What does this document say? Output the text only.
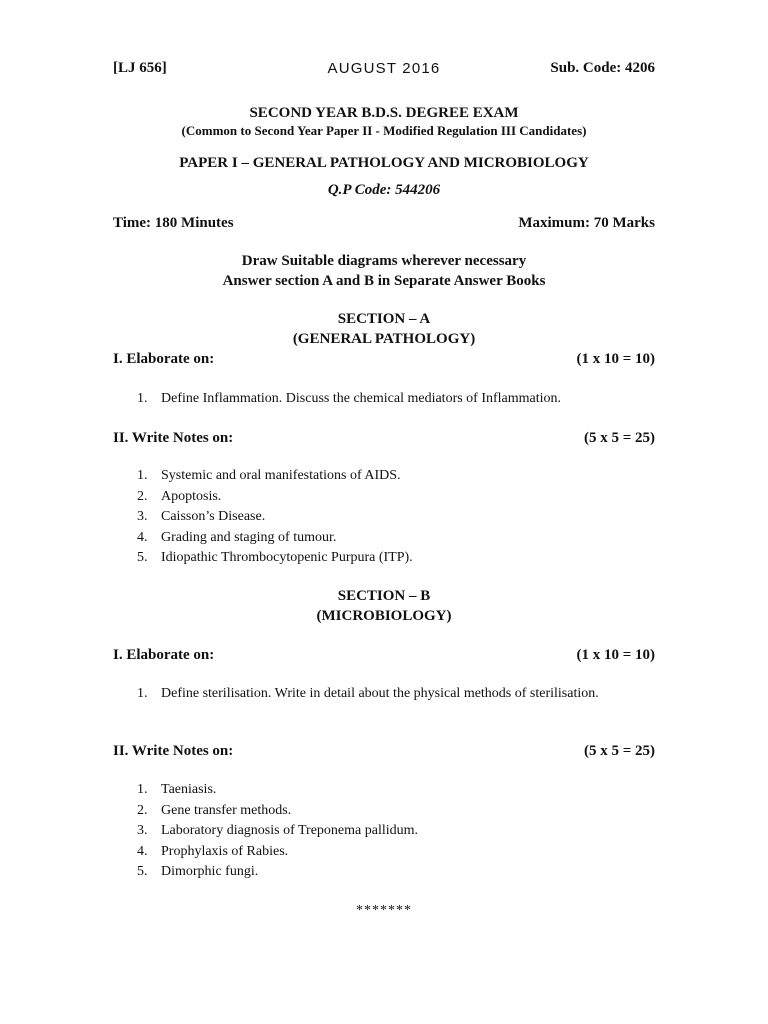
[LJ 656]	AUGUST 2016	Sub. Code: 4206
SECOND YEAR B.D.S. DEGREE EXAM
(Common to Second Year Paper II - Modified Regulation III Candidates)
PAPER I – GENERAL PATHOLOGY AND MICROBIOLOGY
Q.P Code: 544206
Time: 180 Minutes	Maximum: 70 Marks
Draw Suitable diagrams wherever necessary
Answer section A and B in Separate Answer Books
SECTION – A
(GENERAL PATHOLOGY)
I. Elaborate on:	(1 x 10 = 10)
1. Define Inflammation. Discuss the chemical mediators of Inflammation.
II. Write Notes on:	(5 x 5 = 25)
1. Systemic and oral manifestations of AIDS.
2. Apoptosis.
3. Caisson’s Disease.
4. Grading and staging of tumour.
5. Idiopathic Thrombocytopenic Purpura (ITP).
SECTION – B
(MICROBIOLOGY)
I. Elaborate on:	(1 x 10 = 10)
1. Define sterilisation. Write in detail about the physical methods of sterilisation.
II. Write Notes on:	(5 x 5 = 25)
1. Taeniasis.
2. Gene transfer methods.
3. Laboratory diagnosis of Treponema pallidum.
4. Prophylaxis of Rabies.
5. Dimorphic fungi.
*******
